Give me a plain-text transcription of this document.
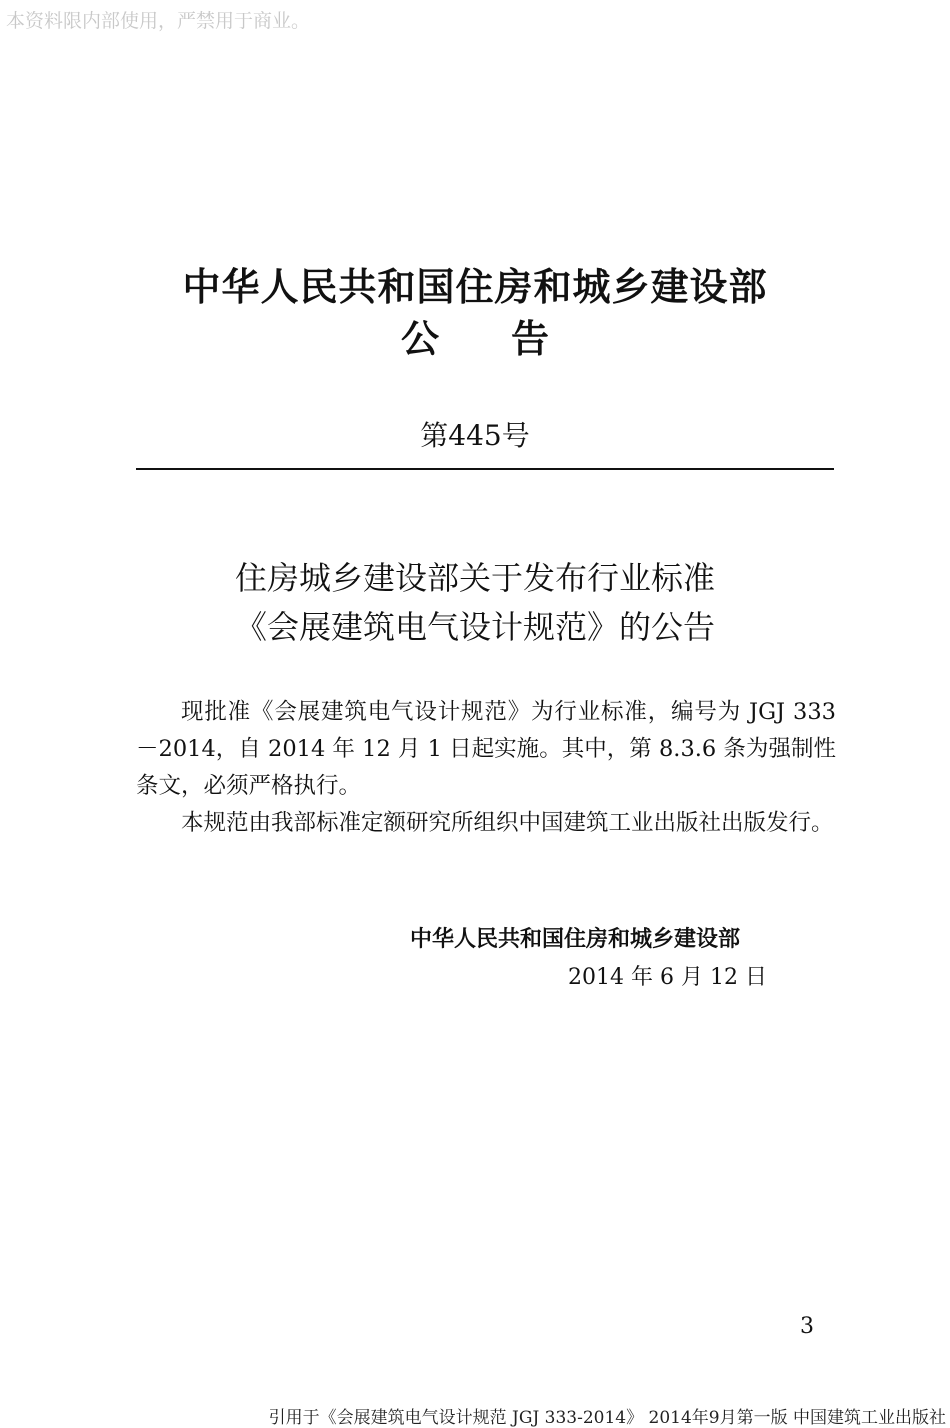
本资料限内部使用，严禁用于商业。
中华人民共和国住房和城乡建设部
公告
第445号
住房城乡建设部关于发布行业标准
《会展建筑电气设计规范》的公告

现批准《会展建筑电气设计规范》为行业标准，编号为 JGJ 333－2014，自 2014 年 12 月 1 日起实施。其中，第 8.3.6 条为强制性条文，必须严格执行。

本规范由我部标准定额研究所组织中国建筑工业出版社出版发行。

中华人民共和国住房和城乡建设部
2014 年 6 月 12 日
3
引用于《会展建筑电气设计规范 JGJ 333-2014》 2014年9月第一版 中国建筑工业出版社
